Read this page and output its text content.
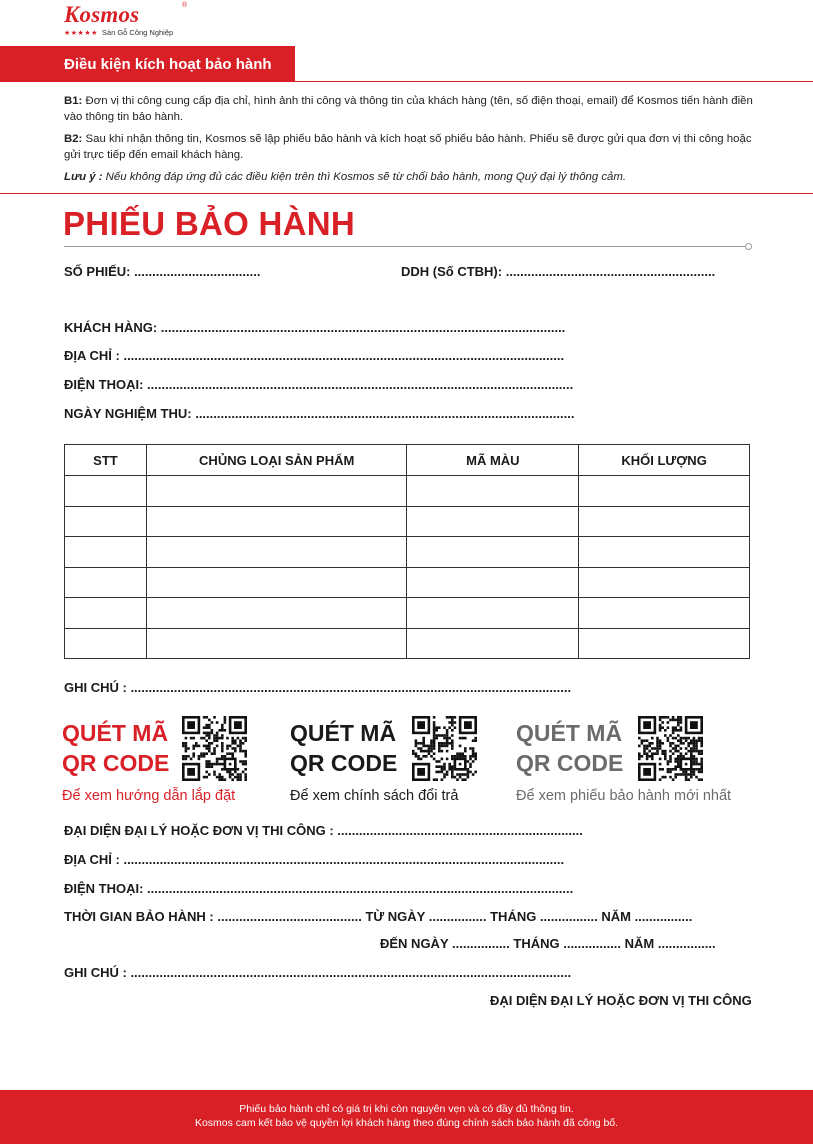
Kosmos	®
★★★★★ Sàn Gỗ Công Nghiệp
Điều kiện kích hoạt bảo hành

B1: Đơn vị thi công cung cấp địa chỉ, hình ảnh thi công và thông tin của khách hàng (tên, số điện thoại, email) để Kosmos tiến hành điền vào thông tin bảo hành.

B2: Sau khi nhận thông tin, Kosmos sẽ lập phiếu bảo hành và kích hoạt số phiếu bảo hành. Phiếu sẽ được gửi qua đơn vị thi công hoặc gửi trực tiếp đến email khách hàng.

Lưu ý : Nếu không đáp ứng đủ các điều kiện trên thì Kosmos sẽ từ chối bảo hành, mong Quý đại lý thông cảm.

PHIẾU BẢO HÀNH
SỐ PHIẾU: ...................................	DDH (Số CTBH): ..........................................................
KHÁCH HÀNG: ................................................................................................................
ĐỊA CHỈ : ..........................................................................................................................
ĐIỆN THOẠI: ......................................................................................................................
NGÀY NGHIỆM THU: .........................................................................................................
STT	CHỦNG LOẠI SẢN PHẨM	MÃ MÀU	KHỐI LƯỢNG

GHI CHÚ : ..........................................................................................................................
QUÉT MÃ
QR CODE
Để xem hướng dẫn lắp đặt
QUÉT MÃ
QR CODE
Để xem chính sách đổi trả
QUÉT MÃ
QR CODE
Để xem phiếu bảo hành mới nhất
ĐẠI DIỆN ĐẠI LÝ HOẶC ĐƠN VỊ THI CÔNG : ....................................................................
ĐỊA CHỈ : ..........................................................................................................................
ĐIỆN THOẠI: ......................................................................................................................
THỜI GIAN BẢO HÀNH : ........................................ TỪ NGÀY ................ THÁNG ................ NĂM ................
ĐẾN NGÀY ................ THÁNG ................ NĂM ................
GHI CHÚ : ..........................................................................................................................
ĐẠI DIỆN ĐẠI LÝ HOẶC ĐƠN VỊ THI CÔNG
Phiếu bảo hành chỉ có giá trị khi còn nguyên vẹn và có đầy đủ thông tin.
Kosmos cam kết bảo vệ quyền lợi khách hàng theo đúng chính sách bảo hành đã công bố.
